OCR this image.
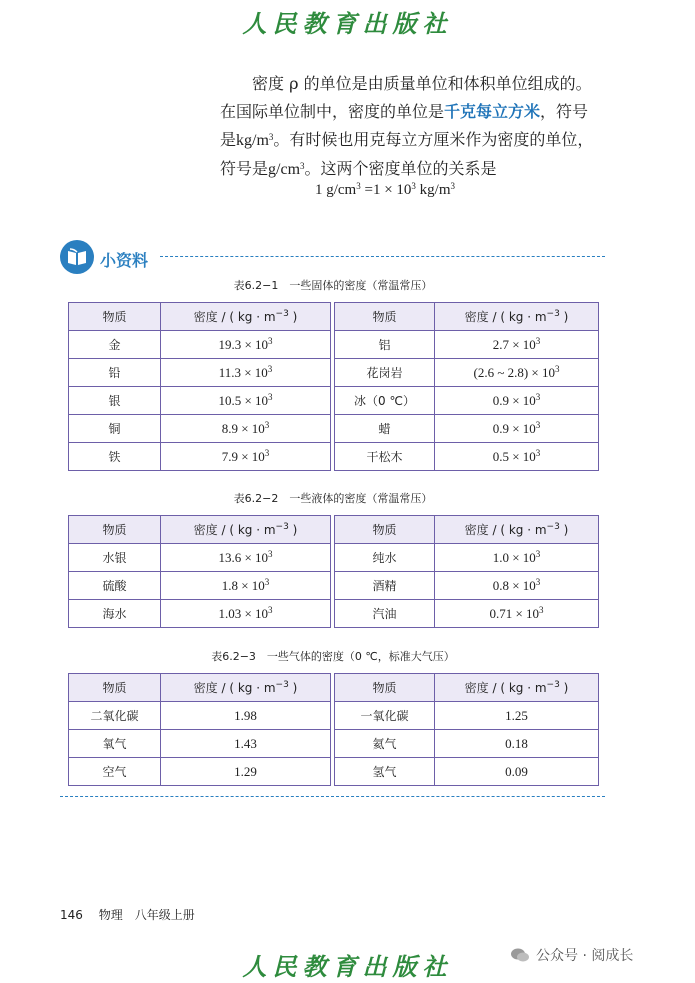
人民教育出版社

密度 ρ 的单位是由质量单位和体积单位组成的。

在国际单位制中，密度的单位是千克每立方米，符号

是$kg/m^3$。有时候也用克每立方厘米作为密度的单位，

符号是$g/cm^3$。这两个密度单位的关系是

1 $g/cm^3 =1 \times 10^3$ $kg/m^3$
小资料
表6.2−1　一些固体的密度（常温常压）
物质	密度 / ( kg · $m^{-3}$ )		物质	密度 / ( kg · $m^{-3}$ )
金	$19.3 \times 10^3$		铝	$2.7 \times 10^3$
铅	$11.3 \times 10^3$		花岗岩	(2.6 ~ $2.8) \times 10^3$
银	$10.5 \times 10^3$		冰（0 ℃）	$0.9 \times 10^3$
铜	$8.9 \times 10^3$		蜡	$0.9 \times 10^3$
铁	$7.9 \times 10^3$		干松木	$0.5 \times 10^3$
表6.2−2　一些液体的密度（常温常压）
物质	密度 / ( kg · $m^{-3}$ )		物质	密度 / ( kg · $m^{-3}$ )
水银	$13.6 \times 10^3$		纯水	$1.0 \times 10^3$
硫酸	$1.8 \times 10^3$		酒精	$0.8 \times 10^3$
海水	$1.03 \times 10^3$		汽油	$0.71 \times 10^3$
表6.2−3　一些气体的密度（0 ℃，标准大气压）
物质	密度 / ( kg · $m^{-3}$ )		物质	密度 / ( kg · $m^{-3}$ )
二氧化碳	1.98		一氧化碳	1.25
氧气	1.43		氦气	0.18
空气	1.29		氢气	0.09
146 物理　八年级上册
人民教育出版社	公众号 · 阅成长
